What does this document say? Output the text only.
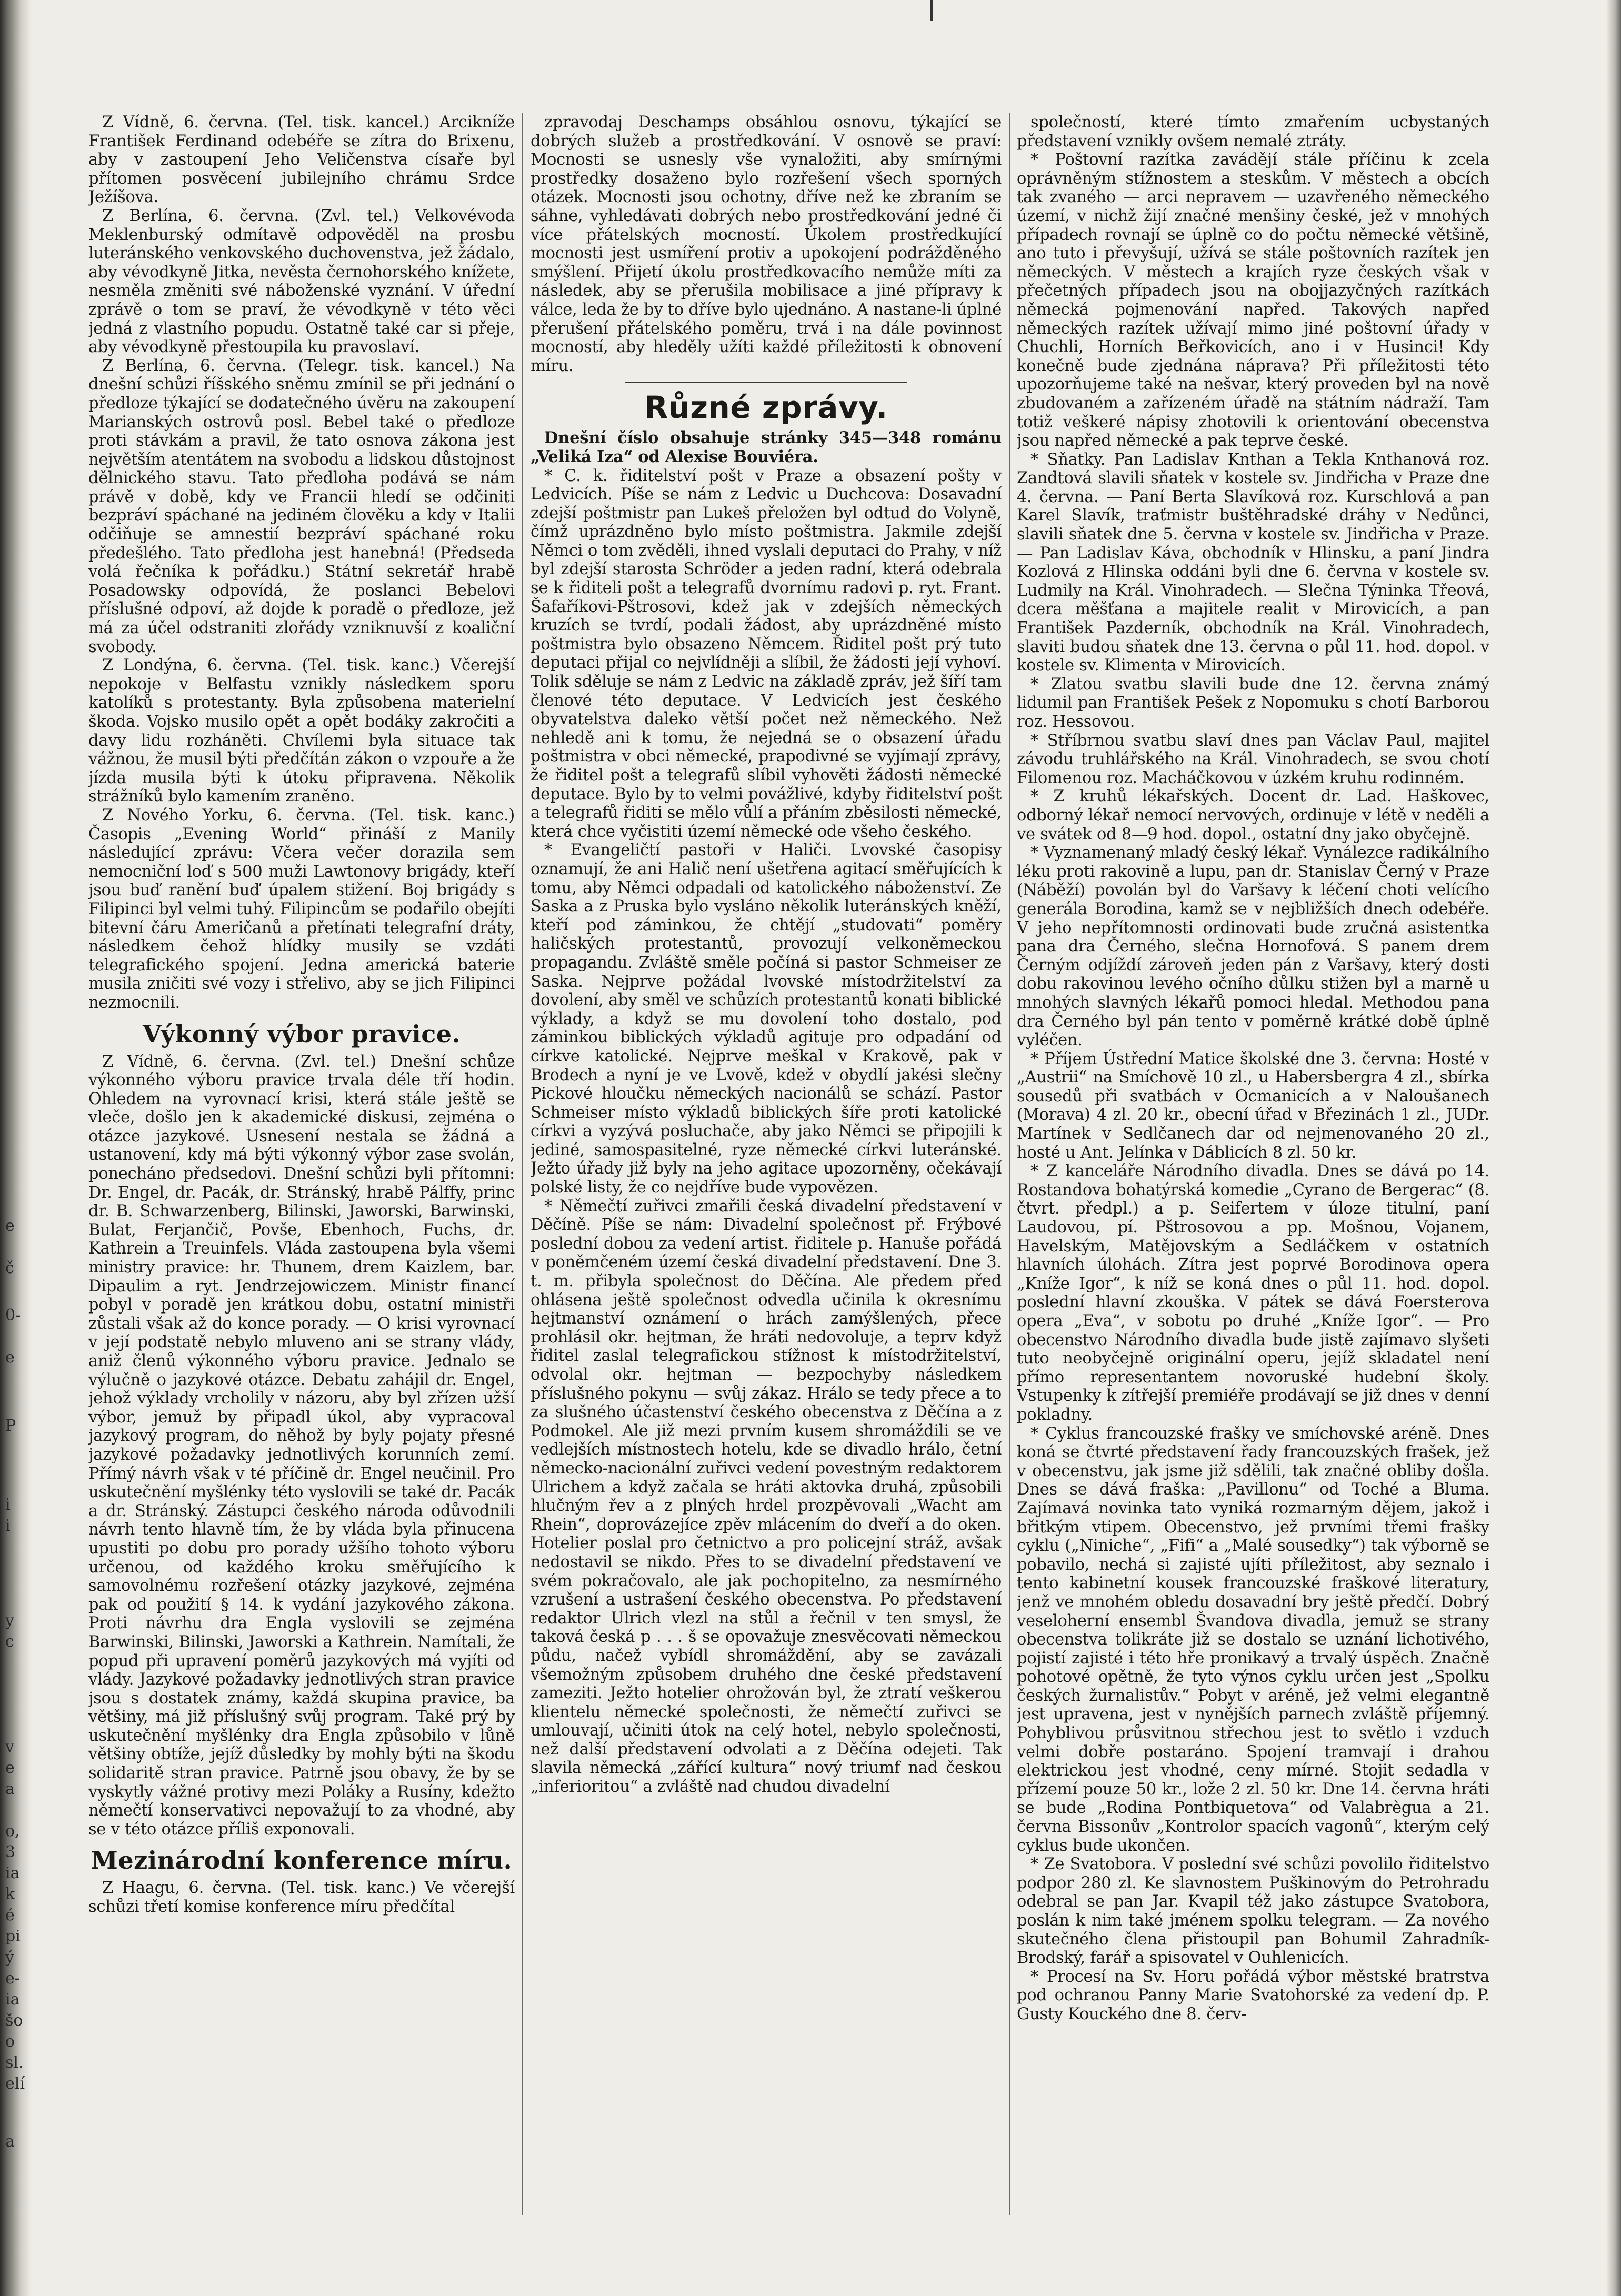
e
č
0-
e
P
i
i
y
c
v
e
a
o,
3
ia
k
é
pi
ý
e-
ia
šo
o
sl.
elí
a

Z Vídně, 6. června. (Tel. tisk. kancel.) Arcikníže František Ferdinand odebéře se zítra do Brixenu, aby v zastoupení Jeho Veličenstva císaře byl přítomen posvěcení jubilejního chrámu Srdce Ježíšova.

Z Berlína, 6. června. (Zvl. tel.) Velkovévoda Meklenburský odmítavě odpověděl na prosbu luteránského venkovského duchovenstva, jež žádalo, aby vévodkyně Jitka, nevěsta černohorského knížete, nesměla změniti své náboženské vyznání. V úřední zprávě o tom se praví, že vévodkyně v této věci jedná z vlastního popudu. Ostatně také car si přeje, aby vévodkyně přestoupila ku pravoslaví.

Z Berlína, 6. června. (Telegr. tisk. kancel.) Na dnešní schůzi říšského sněmu zmínil se při jednání o předloze týkající se dodatečného úvěru na zakoupení Marianských ostrovů posl. Bebel také o předloze proti stávkám a pravil, že tato osnova zákona jest největším atentátem na svobodu a lidskou důstojnost dělnického stavu. Tato předloha podává se nám právě v době, kdy ve Francii hledí se odčiniti bezpráví spáchané na jediném člověku a kdy v Italii odčiňuje se amnestií bezpráví spáchané roku předešlého. Tato předloha jest hanebná! (Předseda volá řečníka k pořádku.) Státní sekretář hrabě Posadowsky odpovídá, že poslanci Bebelovi příslušné odpoví, až dojde k poradě o předloze, jež má za účel odstraniti zlořády vzniknuvší z koaliční svobody.

Z Londýna, 6. června. (Tel. tisk. kanc.) Včerejší nepokoje v Belfastu vznikly následkem sporu katolíků s protestanty. Byla způsobena materielní škoda. Vojsko musilo opět a opět bodáky zakročiti a davy lidu rozháněti. Chvílemi byla situace tak vážnou, že musil býti předčítán zákon o vzpouře a že jízda musila býti k útoku připravena. Několik strážníků bylo kamením zraněno.

Z Nového Yorku, 6. června. (Tel. tisk. kanc.) Časopis „Evening World“ přináší z Manily následující zprávu: Včera večer dorazila sem nemocniční loď s 500 muži Lawtonovy brigády, kteří jsou buď ranění buď úpalem stižení. Boj brigády s Filipinci byl velmi tuhý. Filipincům se podařilo obejíti bitevní čáru Američanů a přetínati telegrafní dráty, následkem čehož hlídky musily se vzdáti telegrafického spojení. Jedna americká baterie musila zničiti své vozy i střelivo, aby se jich Filipinci nezmocnili.

Výkonný výbor pravice.

Z Vídně, 6. června. (Zvl. tel.) Dnešní schůze výkonného výboru pravice trvala déle tří hodin. Ohledem na vyrovnací krisi, která stále ještě se vleče, došlo jen k akademické diskusi, zejména o otázce jazykové. Usnesení nestala se žádná a ustanovení, kdy má býti výkonný výbor zase svolán, ponecháno předsedovi. Dnešní schůzi byli přítomni: Dr. Engel, dr. Pacák, dr. Stránský, hrabě Pálffy, princ dr. B. Schwarzenberg, Bilinski, Jaworski, Barwinski, Bulat, Ferjančič, Povše, Ebenhoch, Fuchs, dr. Kathrein a Treuinfels. Vláda zastoupena byla všemi ministry pravice: hr. Thunem, drem Kaizlem, bar. Dipaulim a ryt. Jendrzejowiczem. Ministr financí pobyl v poradě jen krátkou dobu, ostatní ministři zůstali však až do konce porady. — O krisi vyrovnací v její podstatě nebylo mluveno ani se strany vlády, aniž členů výkonného výboru pravice. Jednalo se výlučně o jazykové otázce. Debatu zahájil dr. Engel, jehož výklady vrcholily v názoru, aby byl zřízen užší výbor, jemuž by připadl úkol, aby vypracoval jazykový program, do něhož by byly pojaty přesné jazykové požadavky jednotlivých korunních zemí. Přímý návrh však v té příčině dr. Engel neučinil. Pro uskutečnění myšlénky této vyslovili se také dr. Pacák a dr. Stránský. Zástupci českého národa odůvodnili návrh tento hlavně tím, že by vláda byla přinucena upustiti po dobu pro porady užšího tohoto výboru určenou, od každého kroku směřujícího k samovolnému rozřešení otázky jazykové, zejména pak od použití § 14. k vydání jazykového zákona. Proti návrhu dra Engla vyslovili se zejména Barwinski, Bilinski, Jaworski a Kathrein. Namítali, že popud při upravení poměrů jazykových má vyjíti od vlády. Jazykové požadavky jednotlivých stran pravice jsou s dostatek známy, každá skupina pravice, ba většiny, má již příslušný svůj program. Také prý by uskutečnění myšlénky dra Engla způsobilo v lůně většiny obtíže, jejíž důsledky by mohly býti na škodu solidaritě stran pravice. Patrně jsou obavy, že by se vyskytly vážné protivy mezi Poláky a Rusíny, kdežto němečtí konservativci nepovažují to za vhodné, aby se v této otázce příliš exponovali.

Mezinárodní konference míru.

Z Haagu, 6. června. (Tel. tisk. kanc.) Ve včerejší schůzi třetí komise konference míru předčítal

zpravodaj Deschamps obsáhlou osnovu, týkající se dobrých služeb a prostředkování. V osnově se praví: Mocnosti se usnesly vše vynaložiti, aby smírnými prostředky dosaženo bylo rozřešení všech sporných otázek. Mocnosti jsou ochotny, dříve než ke zbraním se sáhne, vyhledávati dobrých nebo prostředkování jedné či více přátelských mocností. Úkolem prostředkující mocnosti jest usmíření protiv a upokojení podrážděného smýšlení. Přijetí úkolu prostředkovacího nemůže míti za následek, aby se přerušila mobilisace a jiné přípravy k válce, leda že by to dříve bylo ujednáno. A nastane-li úplné přerušení přátelského poměru, trvá i na dále povinnost mocností, aby hleděly užíti každé příležitosti k obnovení míru.

Různé zprávy.

Dnešní číslo obsahuje stránky 345—348 románu „Veliká Iza“ od Alexise Bouviéra.

* C. k. řiditelství pošt v Praze a obsazení pošty v Ledvicích. Píše se nám z Ledvic u Duchcova: Dosavadní zdejší poštmistr pan Lukeš přeložen byl odtud do Volyně, čímž uprázdněno bylo místo poštmistra. Jakmile zdejší Němci o tom zvěděli, ihned vyslali deputaci do Prahy, v níž byl zdejší starosta Schröder a jeden radní, která odebrala se k řiditeli pošt a telegrafů dvornímu radovi p. ryt. Frant. Šafaříkovi-Pštrosovi, kdež jak v zdejších německých kruzích se tvrdí, podali žádost, aby uprázdněné místo poštmistra bylo obsazeno Němcem. Řiditel pošt prý tuto deputaci přijal co nejvlídněji a slíbil, že žádosti její vyhoví. Tolik sděluje se nám z Ledvic na základě zpráv, jež šíří tam členové této deputace. V Ledvicích jest českého obyvatelstva daleko větší počet než německého. Než nehledě ani k tomu, že nejedná se o obsazení úřadu poštmistra v obci německé, prapodivné se vyjímají zprávy, že řiditel pošt a telegrafů slíbil vyhověti žádosti německé deputace. Bylo by to velmi povážlivé, kdyby řiditelství pošt a telegrafů řiditi se mělo vůlí a přáním zběsilosti německé, která chce vyčistiti území německé ode všeho českého.

* Evangeličtí pastoři v Haliči. Lvovské časopisy oznamují, že ani Halič není ušetřena agitací směřujících k tomu, aby Němci odpadali od katolického náboženství. Ze Saska a z Pruska bylo vysláno několik luteránských kněží, kteří pod záminkou, že chtějí „studovati“ poměry haličských protestantů, provozují velkoněmeckou propagandu. Zvláště směle počíná si pastor Schmeiser ze Saska. Nejprve požádal lvovské místodržitelství za dovolení, aby směl ve schůzích protestantů konati biblické výklady, a když se mu dovolení toho dostalo, pod záminkou biblických výkladů agituje pro odpadání od církve katolické. Nejprve meškal v Krakově, pak v Brodech a nyní je ve Lvově, kdež v obydlí jakési slečny Pickové hloučku německých nacionálů se schází. Pastor Schmeiser místo výkladů biblických šíře proti katolické církvi a vyzývá posluchače, aby jako Němci se připojili k jediné, samospasitelné, ryze německé církvi luteránské. Ježto úřady již byly na jeho agitace upozorněny, očekávají polské listy, že co nejdříve bude vypovězen.

* Němečtí zuřivci zmařili česká divadelní představení v Děčíně. Píše se nám: Divadelní společnost př. Frýbové poslední dobou za vedení artist. řiditele p. Hanuše pořádá v poněmčeném území česká divadelní představení. Dne 3. t. m. přibyla společnost do Děčína. Ale předem před ohlásena ještě společnost odvedla učinila k okresnímu hejtmanství oznámení o hrách zamýšlených, přece prohlásil okr. hejtman, že hráti nedovoluje, a teprv když řiditel zaslal telegrafickou stížnost k místodržitelství, odvolal okr. hejtman — bezpochyby následkem příslušného pokynu — svůj zákaz. Hrálo se tedy přece a to za slušného účastenství českého obecenstva z Děčína a z Podmokel. Ale již mezi prvním kusem shromáždili se ve vedlejších místnostech hotelu, kde se divadlo hrálo, četní německo-nacionální zuřivci vedení povestným redaktorem Ulrichem a když začala se hráti aktovka druhá, způsobili hlučným řev a z plných hrdel prozpěvovali „Wacht am Rhein“, doprovázejíce zpěv mlácením do dveří a do oken. Hotelier poslal pro četnictvo a pro policejní stráž, avšak nedostavil se nikdo. Přes to se divadelní představení ve svém pokračovalo, ale jak pochopitelno, za nesmírného vzrušení a ustrašení českého obecenstva. Po představení redaktor Ulrich vlezl na stůl a řečnil v ten smysl, že taková česká p . . . š se opovažuje znesvěcovati německou půdu, načež vybídl shromáždění, aby se zavázali všemožným způsobem druhého dne české představení zameziti. Ježto hotelier ohrožován byl, že ztratí veškerou klientelu německé společnosti, že němečtí zuřivci se umlouvají, učiniti útok na celý hotel, nebylo společnosti, než další představení odvolati a z Děčína odejeti. Tak slavila německá „zářící kultura“ nový triumf nad českou „inferioritou“ a zvláště nad chudou divadelní

společností, které tímto zmařením ucbystaných představení vznikly ovšem nemalé ztráty.

* Poštovní razítka zavádějí stále příčinu k zcela oprávněným stížnostem a steskům. V městech a obcích tak zvaného — arci nepravem — uzavřeného německého území, v nichž žijí značné menšiny české, jež v mnohých případech rovnají se úplně co do počtu německé většině, ano tuto i převyšují, užívá se stále poštovních razítek jen německých. V městech a krajích ryze českých však v přečetných případech jsou na obojjazyčných razítkách německá pojmenování napřed. Takových napřed německých razítek užívají mimo jiné poštovní úřady v Chuchli, Horních Beřkovicích, ano i v Husinci! Kdy konečně bude zjednána náprava? Při příležitosti této upozorňujeme také na nešvar, který proveden byl na nově zbudovaném a zařízeném úřadě na státním nádraží. Tam totiž veškeré nápisy zhotovili k orientování obecenstva jsou napřed německé a pak teprve české.

* Sňatky. Pan Ladislav Knthan a Tekla Knthanová roz. Zandtová slavili sňatek v kostele sv. Jindřicha v Praze dne 4. června. — Paní Berta Slavíková roz. Kurschlová a pan Karel Slavík, traťmistr buštěhradské dráhy v Nedůnci, slavili sňatek dne 5. června v kostele sv. Jindřicha v Praze. — Pan Ladislav Káva, obchodník v Hlinsku, a paní Jindra Kozlová z Hlinska oddáni byli dne 6. června v kostele sv. Ludmily na Král. Vinohradech. — Slečna Týninka Třeová, dcera měšťana a majitele realit v Mirovicích, a pan František Pazderník, obchodník na Král. Vinohradech, slaviti budou sňatek dne 13. června o půl 11. hod. dopol. v kostele sv. Klimenta v Mirovicích.

* Zlatou svatbu slavili bude dne 12. června známý lidumil pan František Pešek z Nopomuku s chotí Barborou roz. Hessovou.

* Stříbrnou svatbu slaví dnes pan Václav Paul, majitel závodu truhlářského na Král. Vinohradech, se svou chotí Filomenou roz. Macháčkovou v úzkém kruhu rodinném.

* Z kruhů lékařských. Docent dr. Lad. Haškovec, odborný lékař nemocí nervových, ordinuje v létě v neděli a ve svátek od 8—9 hod. dopol., ostatní dny jako obyčejně.

* Vyznamenaný mladý český lékař. Vynálezce radikálního léku proti rakovině a lupu, pan dr. Stanislav Černý v Praze (Náběží) povolán byl do Varšavy k léčení choti velícího generála Borodina, kamž se v nejbližších dnech odebéře. V jeho nepřítomnosti ordinovati bude zručná asistentka pana dra Černého, slečna Hornofová. S panem drem Černým odjíždí zároveň jeden pán z Varšavy, který dosti dobu rakovinou levého očního důlku stižen byl a marně u mnohých slavných lékařů pomoci hledal. Methodou pana dra Černého byl pán tento v poměrně krátké době úplně vyléčen.

* Příjem Ústřední Matice školské dne 3. června: Hosté v „Austrii“ na Smíchově 10 zl., u Habersbergra 4 zl., sbírka sousedů při svatbách v Ocmanicích a v Naloušanech (Morava) 4 zl. 20 kr., obecní úřad v Březinách 1 zl., JUDr. Martínek v Sedlčanech dar od nejmenovaného 20 zl., hosté u Ant. Jelínka v Dáblicích 8 zl. 50 kr.

* Z kanceláře Národního divadla. Dnes se dává po 14. Rostandova bohatýrská komedie „Cyrano de Bergerac“ (8. čtvrt. předpl.) a p. Seifertem v úloze titulní, paní Laudovou, pí. Pštrosovou a pp. Mošnou, Vojanem, Havelským, Matějovským a Sedláčkem v ostatních hlavních úlohách. Zítra jest poprvé Borodinova opera „Kníže Igor“, k níž se koná dnes o půl 11. hod. dopol. poslední hlavní zkouška. V pátek se dává Foersterova opera „Eva“, v sobotu po druhé „Kníže Igor“. — Pro obecenstvo Národního divadla bude jistě zajímavo slyšeti tuto neobyčejně originální operu, jejíž skladatel není přímo representantem novoruské hudební školy. Vstupenky k zítřejší premiéře prodávají se již dnes v denní pokladny.

* Cyklus francouzské frašky ve smíchovské aréně. Dnes koná se čtvrté představení řady francouzských frašek, jež v obecenstvu, jak jsme již sdělili, tak značné obliby došla. Dnes se dává fraška: „Pavillonu“ od Toché a Bluma. Zajímavá novinka tato vyniká rozmarným dějem, jakož i břitkým vtipem. Obecenstvo, jež prvními třemi frašky cyklu („Niniche“, „Fifi“ a „Malé sousedky“) tak výborně se pobavilo, nechá si zajisté ujíti příležitost, aby seznalo i tento kabinetní kousek francouzské fraškové literatury, jenž ve mnohém obledu dosavadní bry ještě předčí. Dobrý veseloherní ensembl Švandova divadla, jemuž se strany obecenstva tolikráte již se dostalo se uznání lichotivého, pojistí zajisté i této hře pronikavý a trvalý úspěch. Značně pohotové opětně, že tyto výnos cyklu určen jest „Spolku českých žurnalistův.“ Pobyt v aréně, jež velmi elegantně jest upravena, jest v nynějších parnech zvláště příjemný. Pohyblivou průsvitnou střechou jest to světlo i vzduch velmi dobře postaráno. Spojení tramvají i drahou elektrickou jest vhodné, ceny mírné. Stojit sedadla v přízemí pouze 50 kr., lože 2 zl. 50 kr. Dne 14. června hráti se bude „Rodina Pontbiquetova“ od Valabrègua a 21. června Bissonův „Kontrolor spacích vagonů“, kterým celý cyklus bude ukončen.

* Ze Svatobora. V poslední své schůzi povolilo řiditelstvo podpor 280 zl. Ke slavnostem Puškinovým do Petrohradu odebral se pan Jar. Kvapil též jako zástupce Svatobora, poslán k nim také jménem spolku telegram. — Za nového skutečného člena přistoupil pan Bohumil Zahradník-Brodský, farář a spisovatel v Ouhlenicích.

* Procesí na Sv. Horu pořádá výbor městské bratrstva pod ochranou Panny Marie Svatohorské za vedení dp. P. Gusty Kouckého dne 8. červ-
